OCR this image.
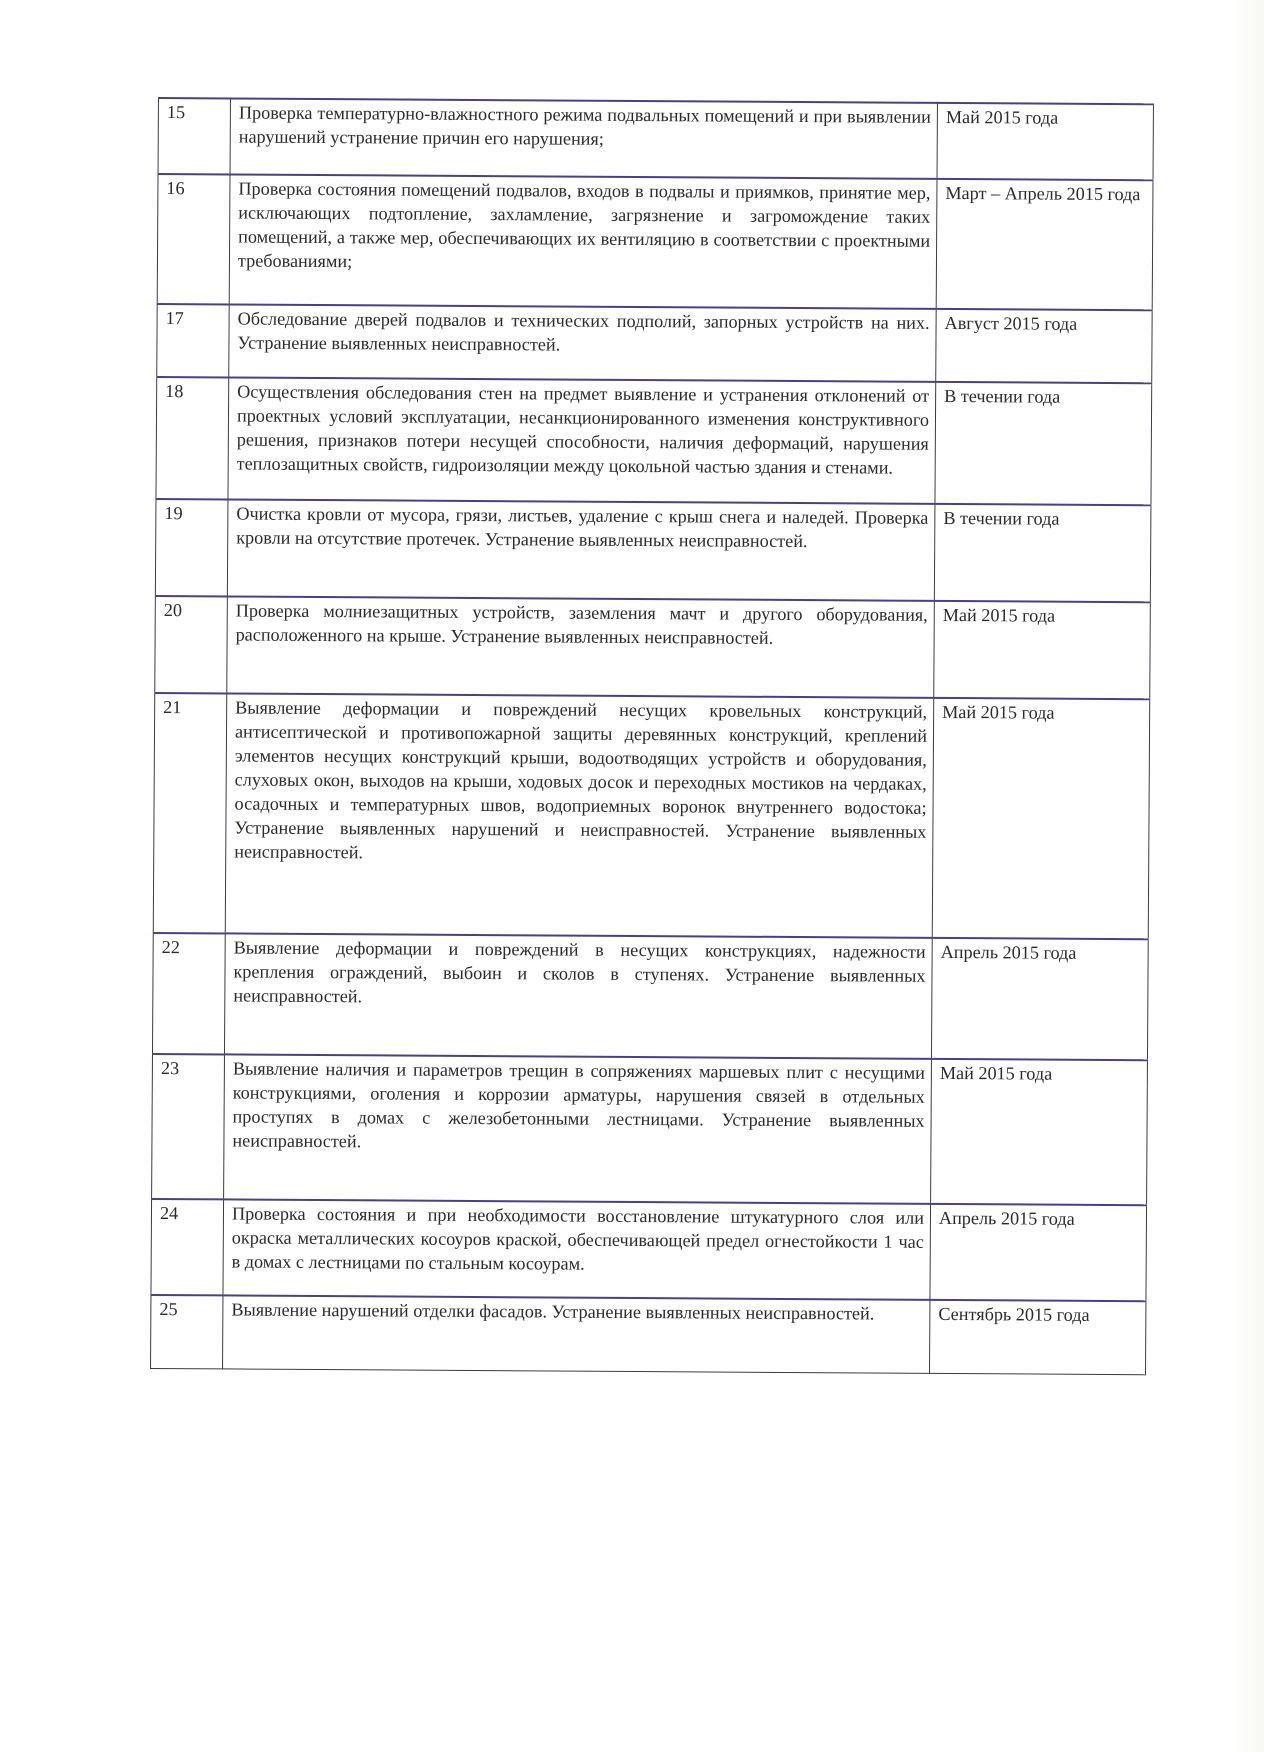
15	Проверка температурно-влажностного режима подвальных помещений и при выявлении нарушений устранение причин его нарушения;	Май 2015 года
16	Проверка состояния помещений подвалов, входов в подвалы и приямков, принятие мер, исключающих подтопление, захламление, загрязнение и загромождение таких помещений, а также мер, обеспечивающих их вентиляцию в соответствии с проектными требованиями;	Март – Апрель 2015 года
17	Обследование дверей подвалов и технических подполий, запорных устройств на них. Устранение выявленных неисправностей.	Август 2015 года
18	Осуществления обследования стен на предмет выявление и устранения отклонений от проектных условий эксплуатации, несанкционированного изменения конструктивного решения, признаков потери несущей способности, наличия деформаций, нарушения теплозащитных свойств, гидроизоляции между цокольной частью здания и стенами.	В течении года
19	Очистка кровли от мусора, грязи, листьев, удаление с крыш снега и наледей. Проверка кровли на отсутствие протечек. Устранение выявленных неисправностей.	В течении года
20	Проверка молниезащитных устройств, заземления мачт и другого оборудования, расположенного на крыше. Устранение выявленных неисправностей.	Май 2015 года
21	Выявление деформации и повреждений несущих кровельных конструкций, антисептической и противопожарной защиты деревянных конструкций, креплений элементов несущих конструкций крыши, водоотводящих устройств и оборудования, слуховых окон, выходов на крыши, ходовых досок и переходных мостиков на чердаках, осадочных и температурных швов, водоприемных воронок внутреннего водостока; Устранение выявленных нарушений и неисправностей. Устранение выявленных неисправностей.	Май 2015 года
22	Выявление деформации и повреждений в несущих конструкциях, надежности крепления ограждений, выбоин и сколов в ступенях. Устранение выявленных неисправностей.	Апрель 2015 года
23	Выявление наличия и параметров трещин в сопряжениях маршевых плит с несущими конструкциями, оголения и коррозии арматуры, нарушения связей в отдельных проступях в домах с железобетонными лестницами. Устранение выявленных неисправностей.	Май 2015 года
24	Проверка состояния и при необходимости восстановление штукатурного слоя или окраска металлических косоуров краской, обеспечивающей предел огнестойкости 1 час в домах с лестницами по стальным косоурам.	Апрель 2015 года
25	Выявление нарушений отделки фасадов. Устранение выявленных неисправностей.	Сентябрь 2015 года
